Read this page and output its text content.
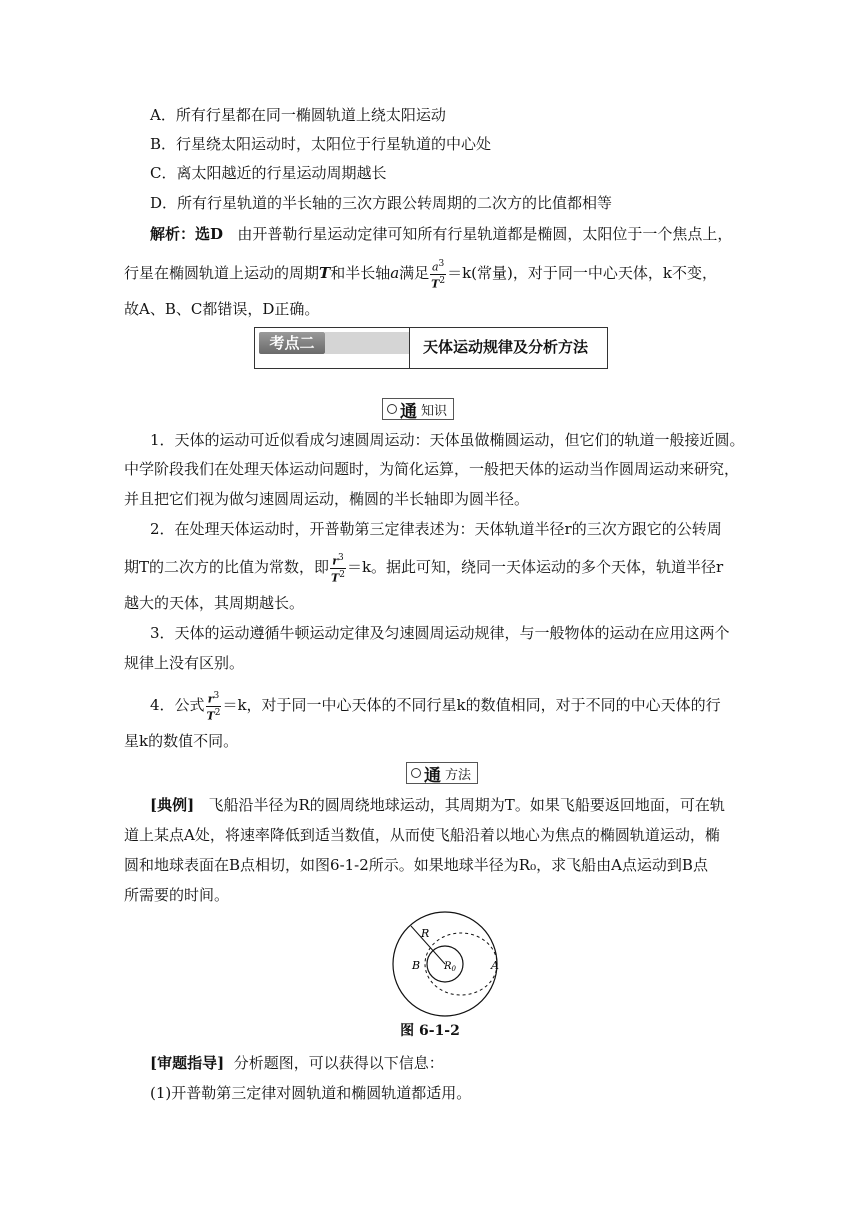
A．所有行星都在同一椭圆轨道上绕太阳运动
B．行星绕太阳运动时，太阳位于行星轨道的中心处
C．离太阳越近的行星运动周期越长
D．所有行星轨道的半长轴的三次方跟公转周期的二次方的比值都相等
解析：选D 由开普勒行星运动定律可知所有行星轨道都是椭圆，太阳位于一个焦点上，
行星在椭圆轨道上运动的周期T和半长轴a满足 $\frac{a^3}{T^2} =k$(常量)，对于同一中心天体，k不变，
故A、B、C都错误，D正确。
考点二	天体运动规律及分析方法
通 知识
1．天体的运动可近似看成匀速圆周运动：天体虽做椭圆运动，但它们的轨道一般接近圆。
中学阶段我们在处理天体运动问题时，为简化运算，一般把天体的运动当作圆周运动来研究，
并且把它们视为做匀速圆周运动，椭圆的半长轴即为圆半径。
2．在处理天体运动时，开普勒第三定律表述为：天体轨道半径r的三次方跟它的公转周
期T的二次方的比值为常数，即 $\frac{r^3}{T^2} =k$。据此可知，绕同一天体运动的多个天体，轨道半径r
越大的天体，其周期越长。
3．天体的运动遵循牛顿运动定律及匀速圆周运动规律，与一般物体的运动在应用这两个
规律上没有区别。
4．公式 $\frac{r^3}{T^2} =k$，对于同一中心天体的不同行星k的数值相同，对于不同的中心天体的行
星k的数值不同。
通 方法
[典例] 飞船沿半径为R的圆周绕地球运动，其周期为T。如果飞船要返回地面，可在轨
道上某点A处，将速率降低到适当数值，从而使飞船沿着以地心为焦点的椭圆轨道运动，椭
圆和地球表面在B点相切，如图6-1-2所示。如果地球半径为R₀，求飞船由A点运动到B点
所需要的时间。
R
$R_0$
B	A
图 6-1-2
[审题指导] 分析题图，可以获得以下信息：
(1)开普勒第三定律对圆轨道和椭圆轨道都适用。
